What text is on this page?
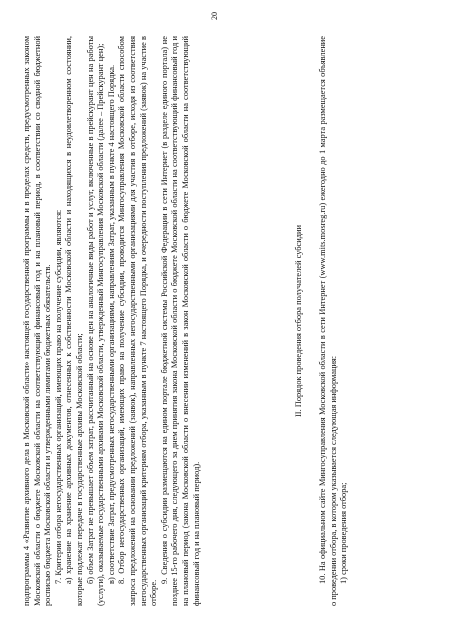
20

подпрограммы 4 «Развитие архивного дела в Московской области» настоящей государственной программы и в пределах средств, предусмотренных законом Московской области о бюджете Московской области на соответствующий финансовый год и на плановый период, в соответствии со сводной бюджетной росписью бюджета Московской области и утвержденными лимитами бюджетных обязательств. 7. Критерии отбора негосударственных организаций, имеющих право на получение субсидии, являются: а) хранение на хранение архивных документов, отнесенных к собственности Московской области и находящихся в неудовлетворенном состоянии, которые подлежат передаче в государственные архивы Московской области; б) объем Затрат не превышает объем затрат, рассчитанный на основе цен на аналогичные виды работ и услуг, включенные в прейскурант цен на работы (услуги), оказываемые государственными архивами Московской области, утвержденный Мингосуправления Московской области (далее – Прейскурант цен); в) соответствие Затрат, предусмотренных негосударственными организациями, направлениям Затрат, указанным в пункте 4 настоящего Порядка. 8. Отбор негосударственных организаций, имеющих право на получение субсидии, проводится Мингосуправления Московской области способом запроса предложений на основании предложений (заявок), направленных негосударственными организациями для участия в отборе, исходя из соответствия негосударственных организаций критериям отбора, указанным в пункте 7 настоящего Порядка, и очередности поступления предложений (заявок) на участие в отборе.

9. Сведения о субсидии размещаются на едином портале бюджетной системы Российской Федерации в сети Интернет (в разделе единого портала) не позднее 15-го рабочего дня, следующего за днем принятия закона Московской области о бюджете Московской области на соответствующий финансовый год и на плановый период (закона Московской области о внесении изменений в закон Московской области о бюджете Московской области на соответствующий финансовый год и на плановый период).

II. Порядок проведения отбора получателей субсидии 10. На официальном сайте Мингосуправления Московской области в сети Интернет (www.mits.mosreg.ru) ежегодно до 1 марта размещается объявление о проведении отбора, в котором указывается следующая информация: 1) сроки проведения отбора;
